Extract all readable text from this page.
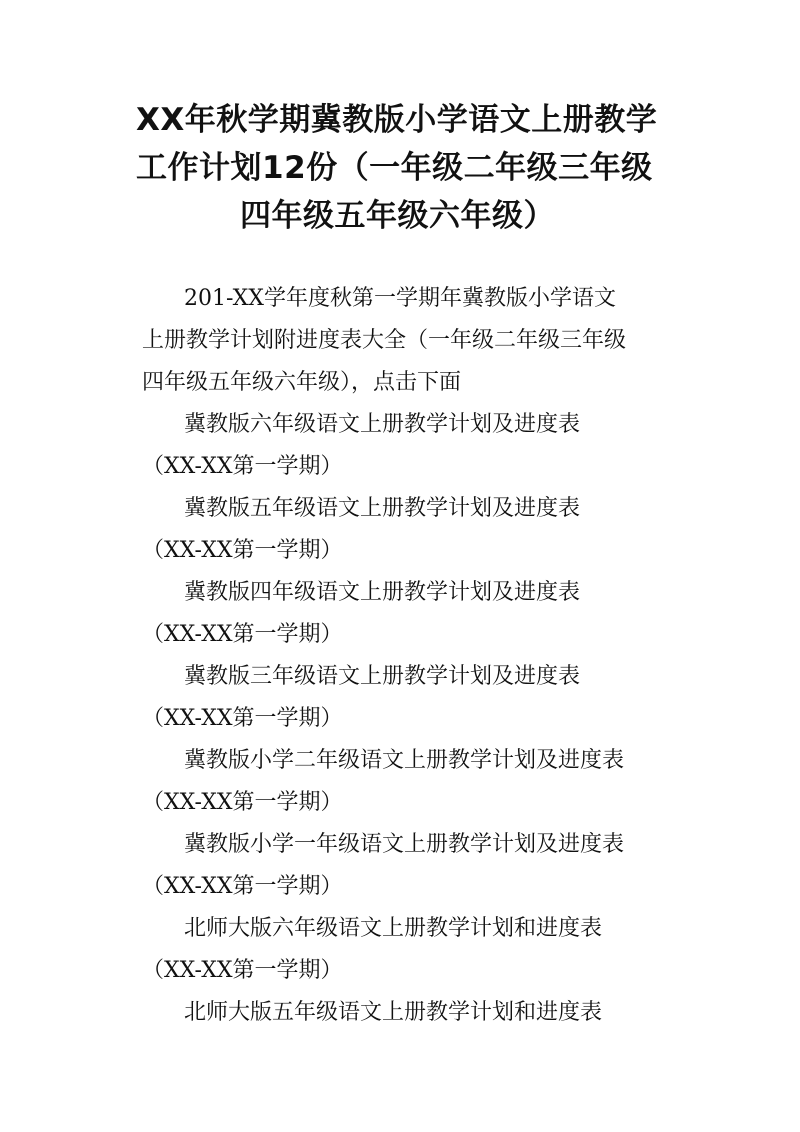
XX年秋学期冀教版小学语文上册教学
工作计划12份（一年级二年级三年级
四年级五年级六年级）

201-XX学年度秋第一学期年冀教版小学语文
上册教学计划附进度表大全（一年级二年级三年级
四年级五年级六年级），点击下面

冀教版六年级语文上册教学计划及进度表
（XX-XX第一学期）

冀教版五年级语文上册教学计划及进度表
（XX-XX第一学期）

冀教版四年级语文上册教学计划及进度表
（XX-XX第一学期）

冀教版三年级语文上册教学计划及进度表
（XX-XX第一学期）

冀教版小学二年级语文上册教学计划及进度表
（XX-XX第一学期）

冀教版小学一年级语文上册教学计划及进度表
（XX-XX第一学期）

北师大版六年级语文上册教学计划和进度表
（XX-XX第一学期）

北师大版五年级语文上册教学计划和进度表
